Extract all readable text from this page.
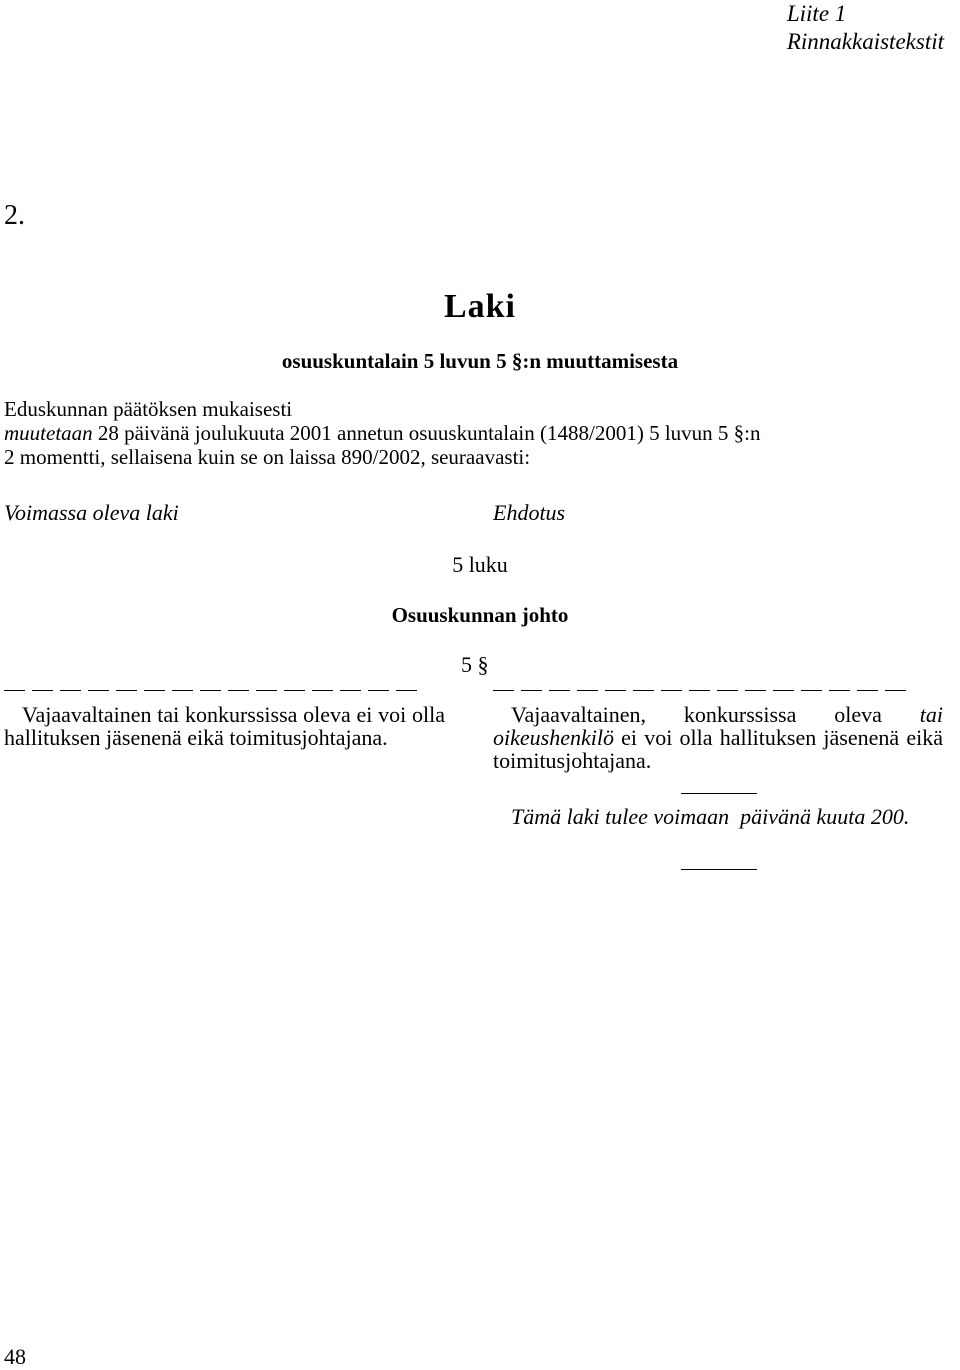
Liite 1
Rinnakkaistekstit
2.
Laki
osuuskuntalain 5 luvun 5 §:n muuttamisesta
Eduskunnan päätöksen mukaisesti
muutetaan 28 päivänä joulukuuta 2001 annetun osuuskuntalain (1488/2001) 5 luvun 5 §:n
2 momentti, sellaisena kuin se on laissa 890/2002, seuraavasti:
Voimassa oleva laki	Ehdotus
5 luku
Osuuskunnan johto
5 §
Vajaavaltainen tai konkurssissa oleva ei voi olla hallituksen jäsenenä eikä toimitusjohtajana.
Vajaavaltainen, konkurssissa oleva tai oikeushenkilö ei voi olla hallituksen jäsenenä eikä toimitusjohtajana.
Tämä laki tulee voimaan  päivänä kuuta 200.
48
